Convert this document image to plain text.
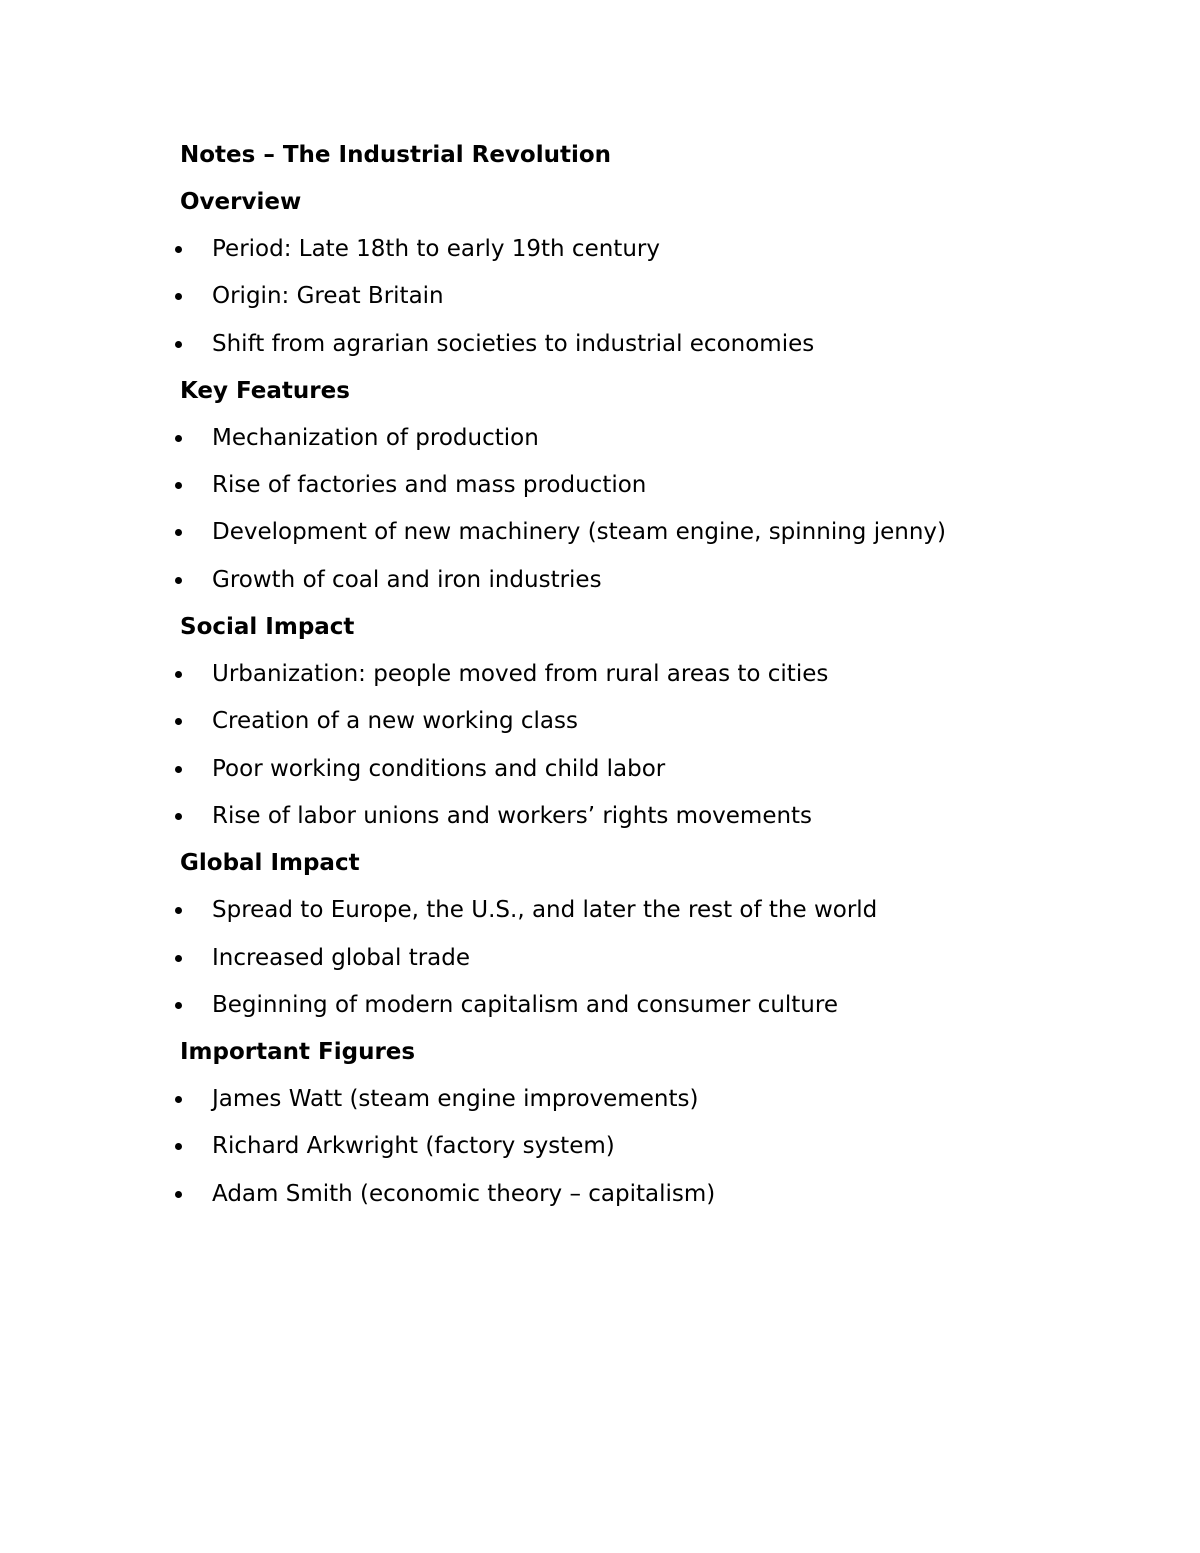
Notes – The Industrial Revolution
Overview
Period: Late 18th to early 19th century
Origin: Great Britain
Shift from agrarian societies to industrial economies
Key Features
Mechanization of production
Rise of factories and mass production
Development of new machinery (steam engine, spinning jenny)
Growth of coal and iron industries
Social Impact
Urbanization: people moved from rural areas to cities
Creation of a new working class
Poor working conditions and child labor
Rise of labor unions and workers’ rights movements
Global Impact
Spread to Europe, the U.S., and later the rest of the world
Increased global trade
Beginning of modern capitalism and consumer culture
Important Figures
James Watt (steam engine improvements)
Richard Arkwright (factory system)
Adam Smith (economic theory – capitalism)
